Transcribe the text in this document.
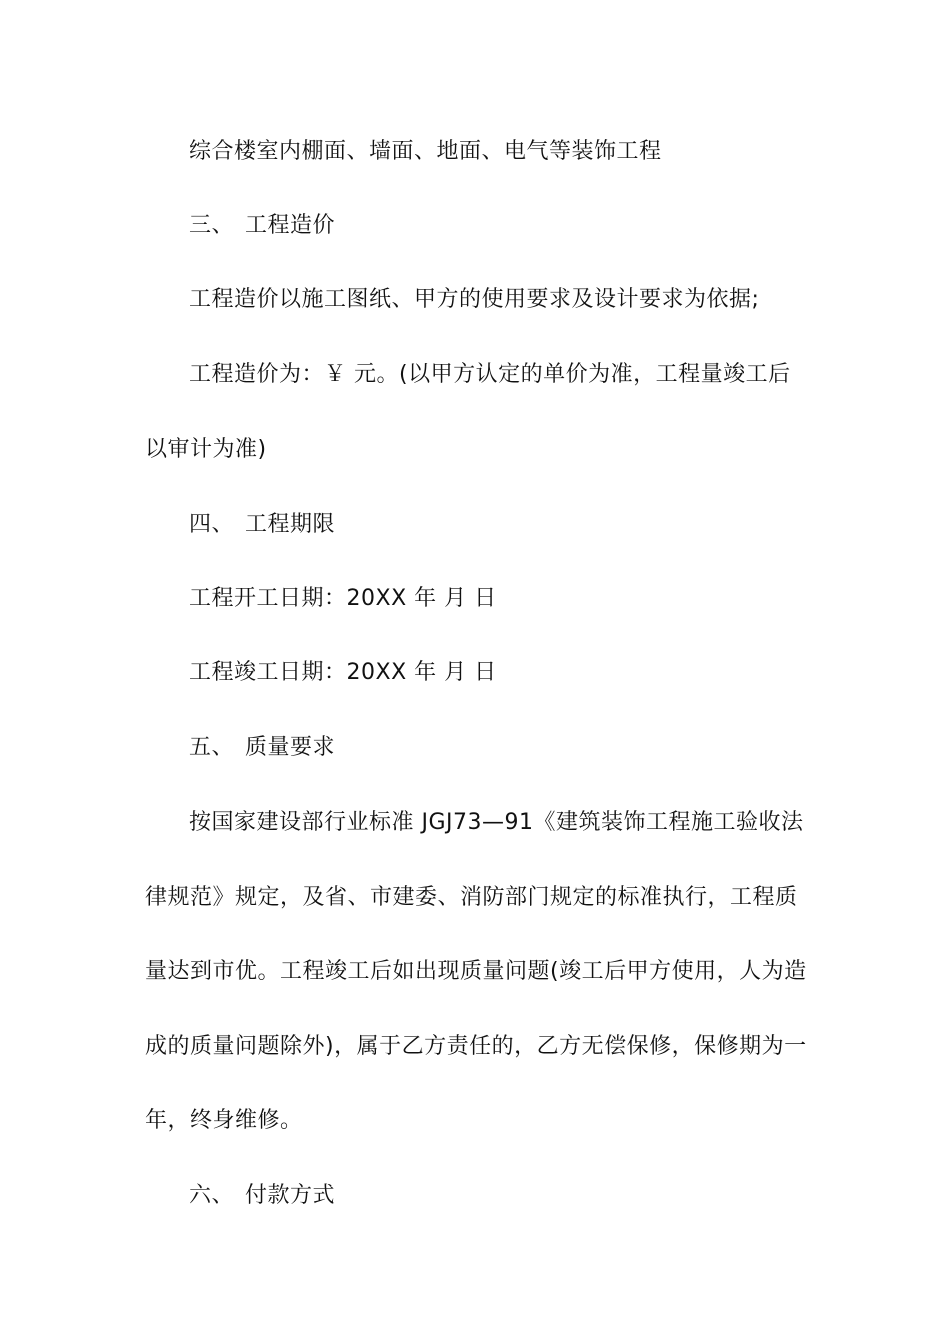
综合楼室内棚面、墙面、地面、电气等装饰工程
三、 工程造价
工程造价以施工图纸、甲方的使用要求及设计要求为依据;
工程造价为：￥ 元。(以甲方认定的单价为准，工程量竣工后
以审计为准)
四、 工程期限
工程开工日期：20XX 年 月 日
工程竣工日期：20XX 年 月 日
五、 质量要求
按国家建设部行业标准 JGJ73—91《建筑装饰工程施工验收法
律规范》规定，及省、市建委、消防部门规定的标准执行，工程质
量达到市优。工程竣工后如出现质量问题(竣工后甲方使用，人为造
成的质量问题除外)，属于乙方责任的，乙方无偿保修，保修期为一
年，终身维修。
六、 付款方式
